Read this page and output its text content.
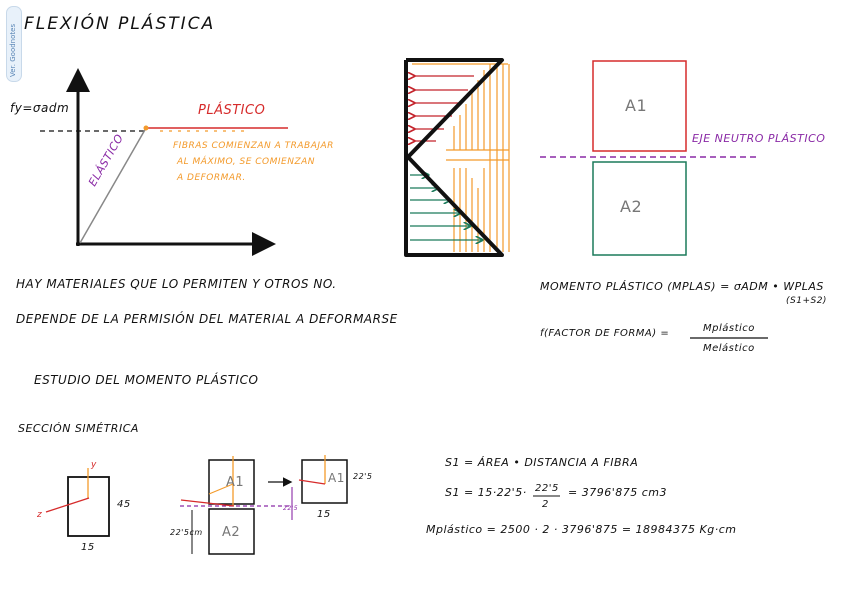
Ver. Goodnotes FLEXIÓN PLÁSTICA
fy=σadm	PLÁSTICO
ELÁSTICO	FIBRAS COMIENZAN A TRABAJAR
AL MÁXIMO, SE COMIENZAN
A DEFORMAR.
A1
A2
EJE NEUTRO PLÁSTICO
HAY MATERIALES QUE LO PERMITEN Y OTROS NO.
DEPENDE DE LA PERMISIÓN DEL MATERIAL A DEFORMARSE
MOMENTO PLÁSTICO (MPLAS) = σADM • WPLAS
(S1+S2)
f(FACTOR DE FORMA) =	Mplástico
Melástico
ESTUDIO DEL MOMENTO PLÁSTICO
SECCIÓN SIMÉTRICA
y
z
45
15
A1
A2
22'5cm
A1 22'5
22'5
15
S1 = ÁREA • DISTANCIA A FIBRA
S1 = 15·22'5· 22'5
2
= 3796'875 cm3
Mplástico = 2500 · 2 · 3796'875 = 18984375 Kg·cm
